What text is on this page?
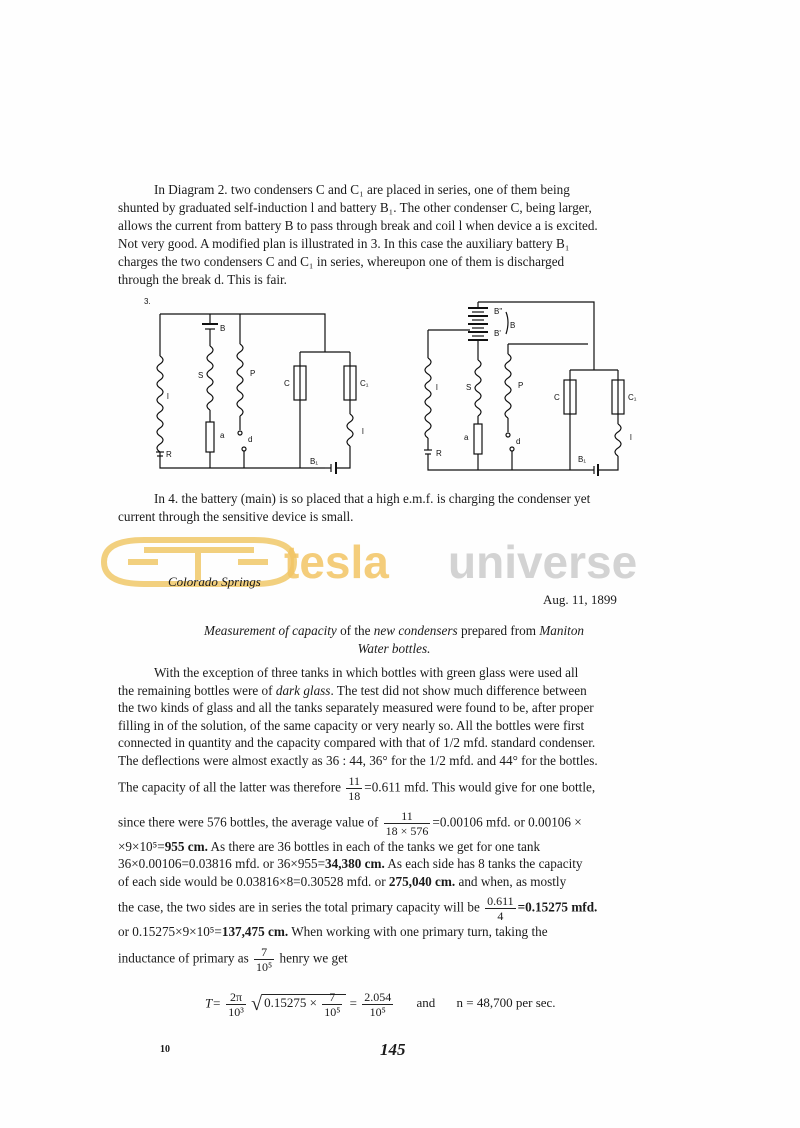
In Diagram 2. two condensers C and C₁ are placed in series, one of them being
shunted by graduated self-induction l and battery B₁. The other condenser C, being larger,
allows the current from battery B to pass through break and coil l when device a is excited.
Not very good. A modified plan is illustrated in 3. In this case the auxiliary battery B₁
charges the two condensers C and C₁ in series, whereupon one of them is discharged
through the break d. This is fair.
3.
R
l
B
S
a
P
d
C	C₁
l
B₁
B"
B
B'
l
R
S
a
P
d
C	C₁
l
B₁
In 4. the battery (main) is so placed that a high e.m.f. is charging the condenser yet
current through the sensitive device is small.
tesla universe
Colorado Springs
Aug. 11, 1899
Measurement of capacity of the new condensers prepared from Maniton
Water bottles.
With the exception of three tanks in which bottles with green glass were used all
the remaining bottles were of dark glass. The test did not show much difference between
the two kinds of glass and all the tanks separately measured were found to be, after proper
filling in of the solution, of the same capacity or very nearly so. All the bottles were first
connected in quantity and the capacity compared with that of 1/2 mfd. standard condenser.
The deflections were almost exactly as 36 : 44, 36° for the 1/2 mfd. and 44° for the bottles.
The capacity of all the latter was therefore $\frac{11}{18} =0.611$ mfd. This would give for one bottle,
since there were 576 bottles, the average value of $\frac{11}{18 \times 576} =0.00106$ mfd. or 0.00106 ×
×9×10⁵=955 cm. As there are 36 bottles in each of the tanks we get for one tank
36×0.00106=0.03816 mfd. or 36×955=34,380 cm. As each side has 8 tanks the capacity
of each side would be 0.03816×8=0.30528 mfd. or 275,040 cm. and when, as mostly
the case, the two sides are in series the total primary capacity will be $\frac{0.611}{4} =0.15275$ mfd.
or 0.15275×9×10⁵=137,475 cm. When working with one primary turn, taking the
inductance of primary as $\frac{7}{\text{10⁵}}$ henry we get
$T= \frac{2\pi}{\text{10³}}$ √ $0.15275 \times \frac{7}{\text{10⁵}} = \frac{2.054}{\text{10⁵}}$ and n = 48,700 per sec.
10	145
